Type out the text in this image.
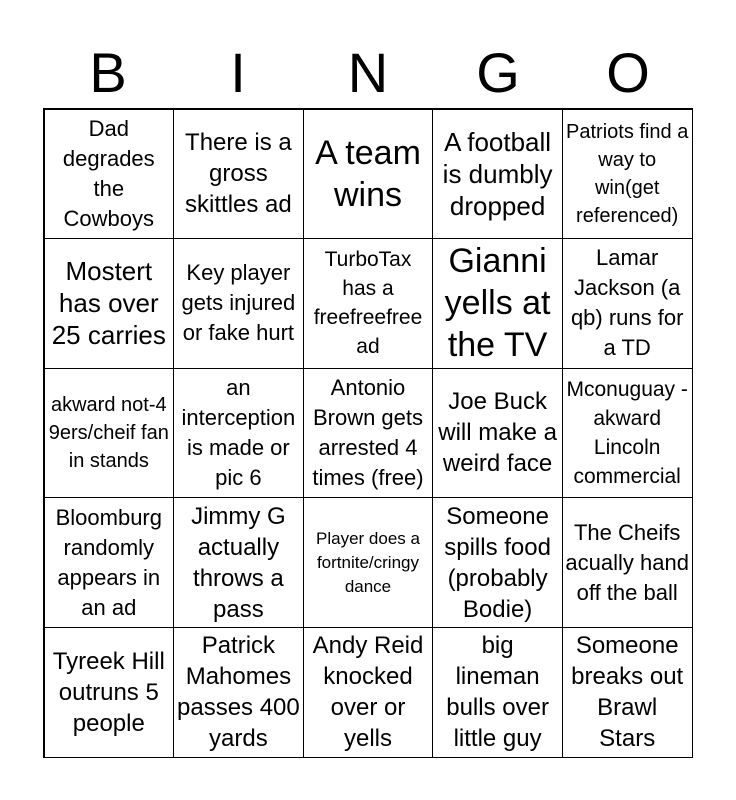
B	I	N	G	O
Dad degrades the Cowboys
There is a gross skittles ad
A team wins
A football is dumbly dropped
Patriots find a way to win(get referenced)
Mostert has over 25 carries
Key player gets injured or fake hurt
TurboTax has a freefreefree ad
Gianni yells at the TV
Lamar Jackson (a qb) runs for a TD
akward not-49ers/cheif fan in stands
an interception is made or pic 6
Antonio Brown gets arrested 4 times (free)
Joe Buck will make a weird face
Mconuguay - akward Lincoln commercial
Bloomburg randomly appears in an ad
Jimmy G actually throws a pass
Player does a fortnite/cringy dance
Someone spills food (probably Bodie)
The Cheifs acually hand off the ball
Tyreek Hill outruns 5 people
Patrick Mahomes passes 400 yards
Andy Reid knocked over or yells
big lineman bulls over little guy
Someone breaks out Brawl Stars
